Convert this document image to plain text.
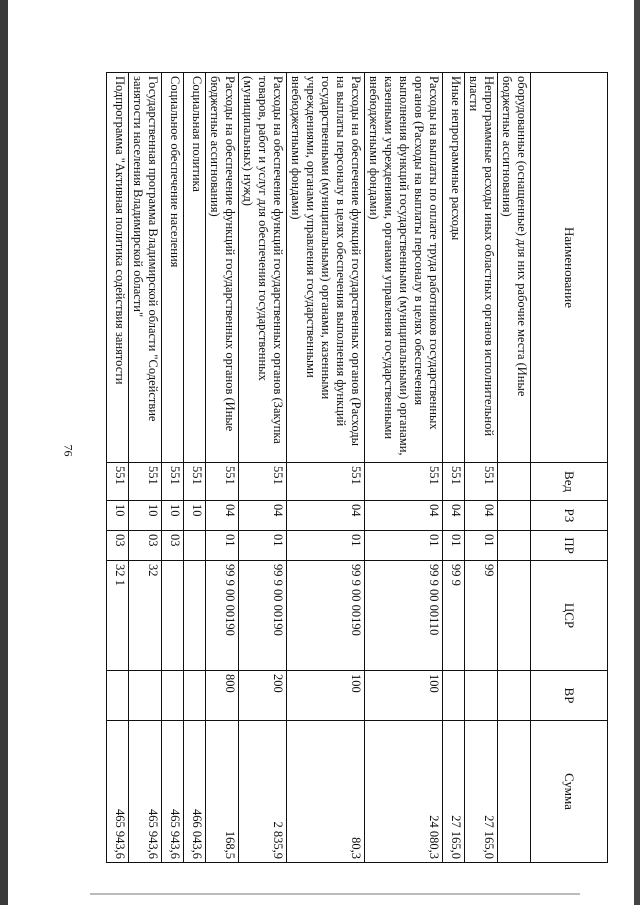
76
Наименование	Вед	РЗ	ПР	ЦСР	ВР	Сумма
оборудованные (оснащенные) для них рабочие места (Иные бюджетные ассигнования)						
Непрограммные расходы иных областных органов исполнительной власти	551	04	01	99		27 165,0
Иные непрограммные расходы	551	04	01	99 9		27 165,0
Расходы на выплаты по оплате труда работников государственных органов (Расходы на выплаты персоналу в целях обеспечения выполнения функций государственными (муниципальными) органами, казенными учреждениями, органами управления государственными внебюджетными фондами)	551	04	01	99 9 00 00110	100	24 080,3
Расходы на обеспечение функций государственных органов (Расходы на выплаты персоналу в целях обеспечения выполнения функций государственными (муниципальными) органами, казенными учреждениями, органами управления государственными внебюджетными фондами)	551	04	01	99 9 00 00190	100	80,3
Расходы на обеспечение функций государственных органов (Закупка товаров, работ и услуг для обеспечения государственных (муниципальных) нужд)	551	04	01	99 9 00 00190	200	2 835,9
Расходы на обеспечение функций государственных органов (Иные бюджетные ассигнования)	551	04	01	99 9 00 00190	800	168,5
Социальная политика	551	10				466 043,6
Социальное обеспечение населения	551	10	03			465 943,6
Государственная программа Владимирской области "Содействие занятости населения Владимирской области"	551	10	03	32		465 943,6
Подпрограмма "Активная политика содействия занятости	551	10	03	32 1		465 943,6
